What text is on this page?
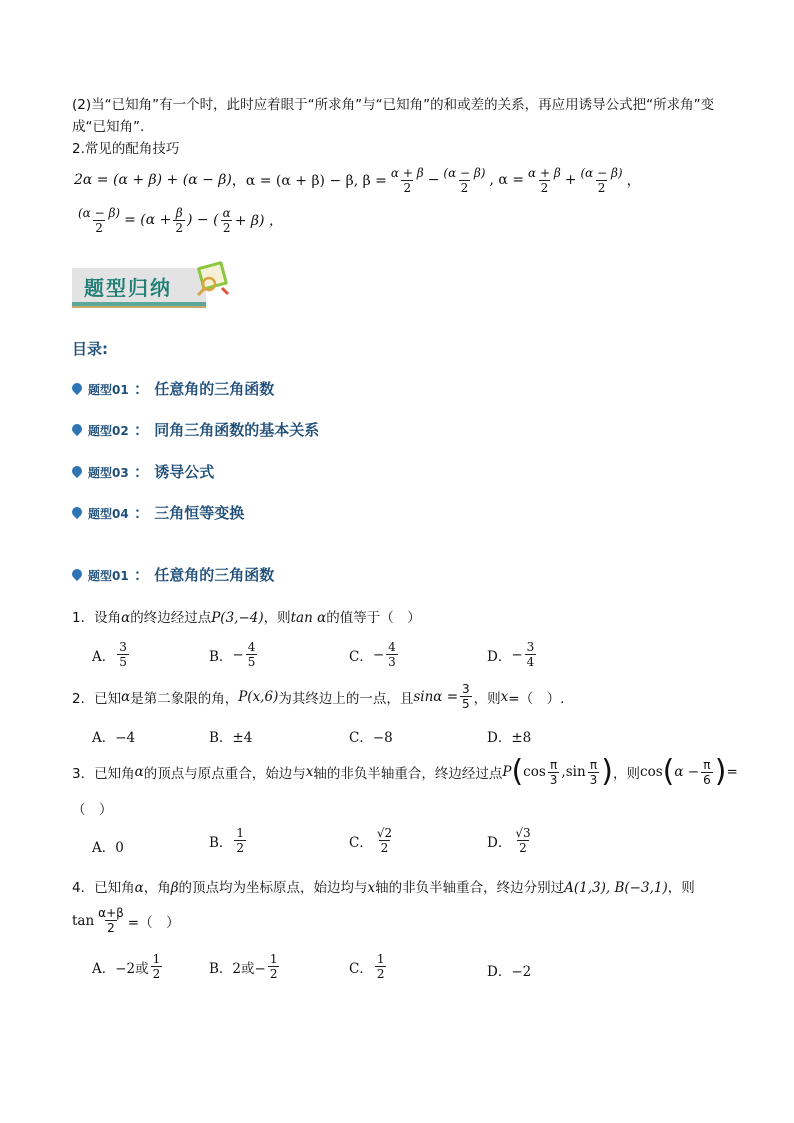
(2)当“已知角”有一个时，此时应着眼于“所求角”与“已知角”的和或差的关系，再应用诱导公式把“所求角”变
成“已知角”.
2.常见的配角技巧
2α = (α + β) + (α − β) ，α = (α + β) − β, $\beta = \frac{\alpha + \beta}{2} - \frac{(\alpha - \beta)}{2}$ , $\alpha = \frac{\alpha + \beta}{2} + \frac{(\alpha - \beta)}{2}$ ，
$\frac{(\alpha - \beta)}{2} = (\alpha + \frac{\beta}{2}$ ) − ( $\frac{\alpha}{2} + \beta$) ，
题型归纳
目录:
题型01 ： 任意角的三角函数
题型02 ： 同角三角函数的基本关系
题型03 ： 诱导公式
题型04 ： 三角恒等变换
题型01 ： 任意角的三角函数
1．设角α的终边经过点P(3,−4)，则tan α的值等于（　）
A． $\frac{3}{5}$	B． − $\frac{4}{5}$	C． − $\frac{4}{3}$	D． − $\frac{3}{4}$
2．已知 α 是第二象限的角， P(x,6) 为其终边上的一点，且 $\sin\alpha = \frac{3}{5}$ ，则 x =（　）.
A．−4	B．±4	C．−8	D．±8
3．已知角 α 的顶点与原点重合，始边与 x 轴的非负半轴重合，终边经过点 P ( $\cos \frac{\pi}{3} ,\sin \frac{\pi}{3}$ ) ，则 cos ( $\alpha - \frac{\pi}{6}$ ) =
（　）
A．0	B． $\frac{1}{2}$	C． $\frac{√2}{2}$	D． $\frac{√3}{2}$
4．已知角α，角β的顶点均为坐标原点，始边均与x轴的非负半轴重合，终边分别过A(1,3), B(−3,1)，则
$\tan \frac{\alpha+\beta}{2}$ =（　）
A． −2或 $\frac{1}{2}$	B． 2或− $\frac{1}{2}$	C． $\frac{1}{2}$	D．−2
